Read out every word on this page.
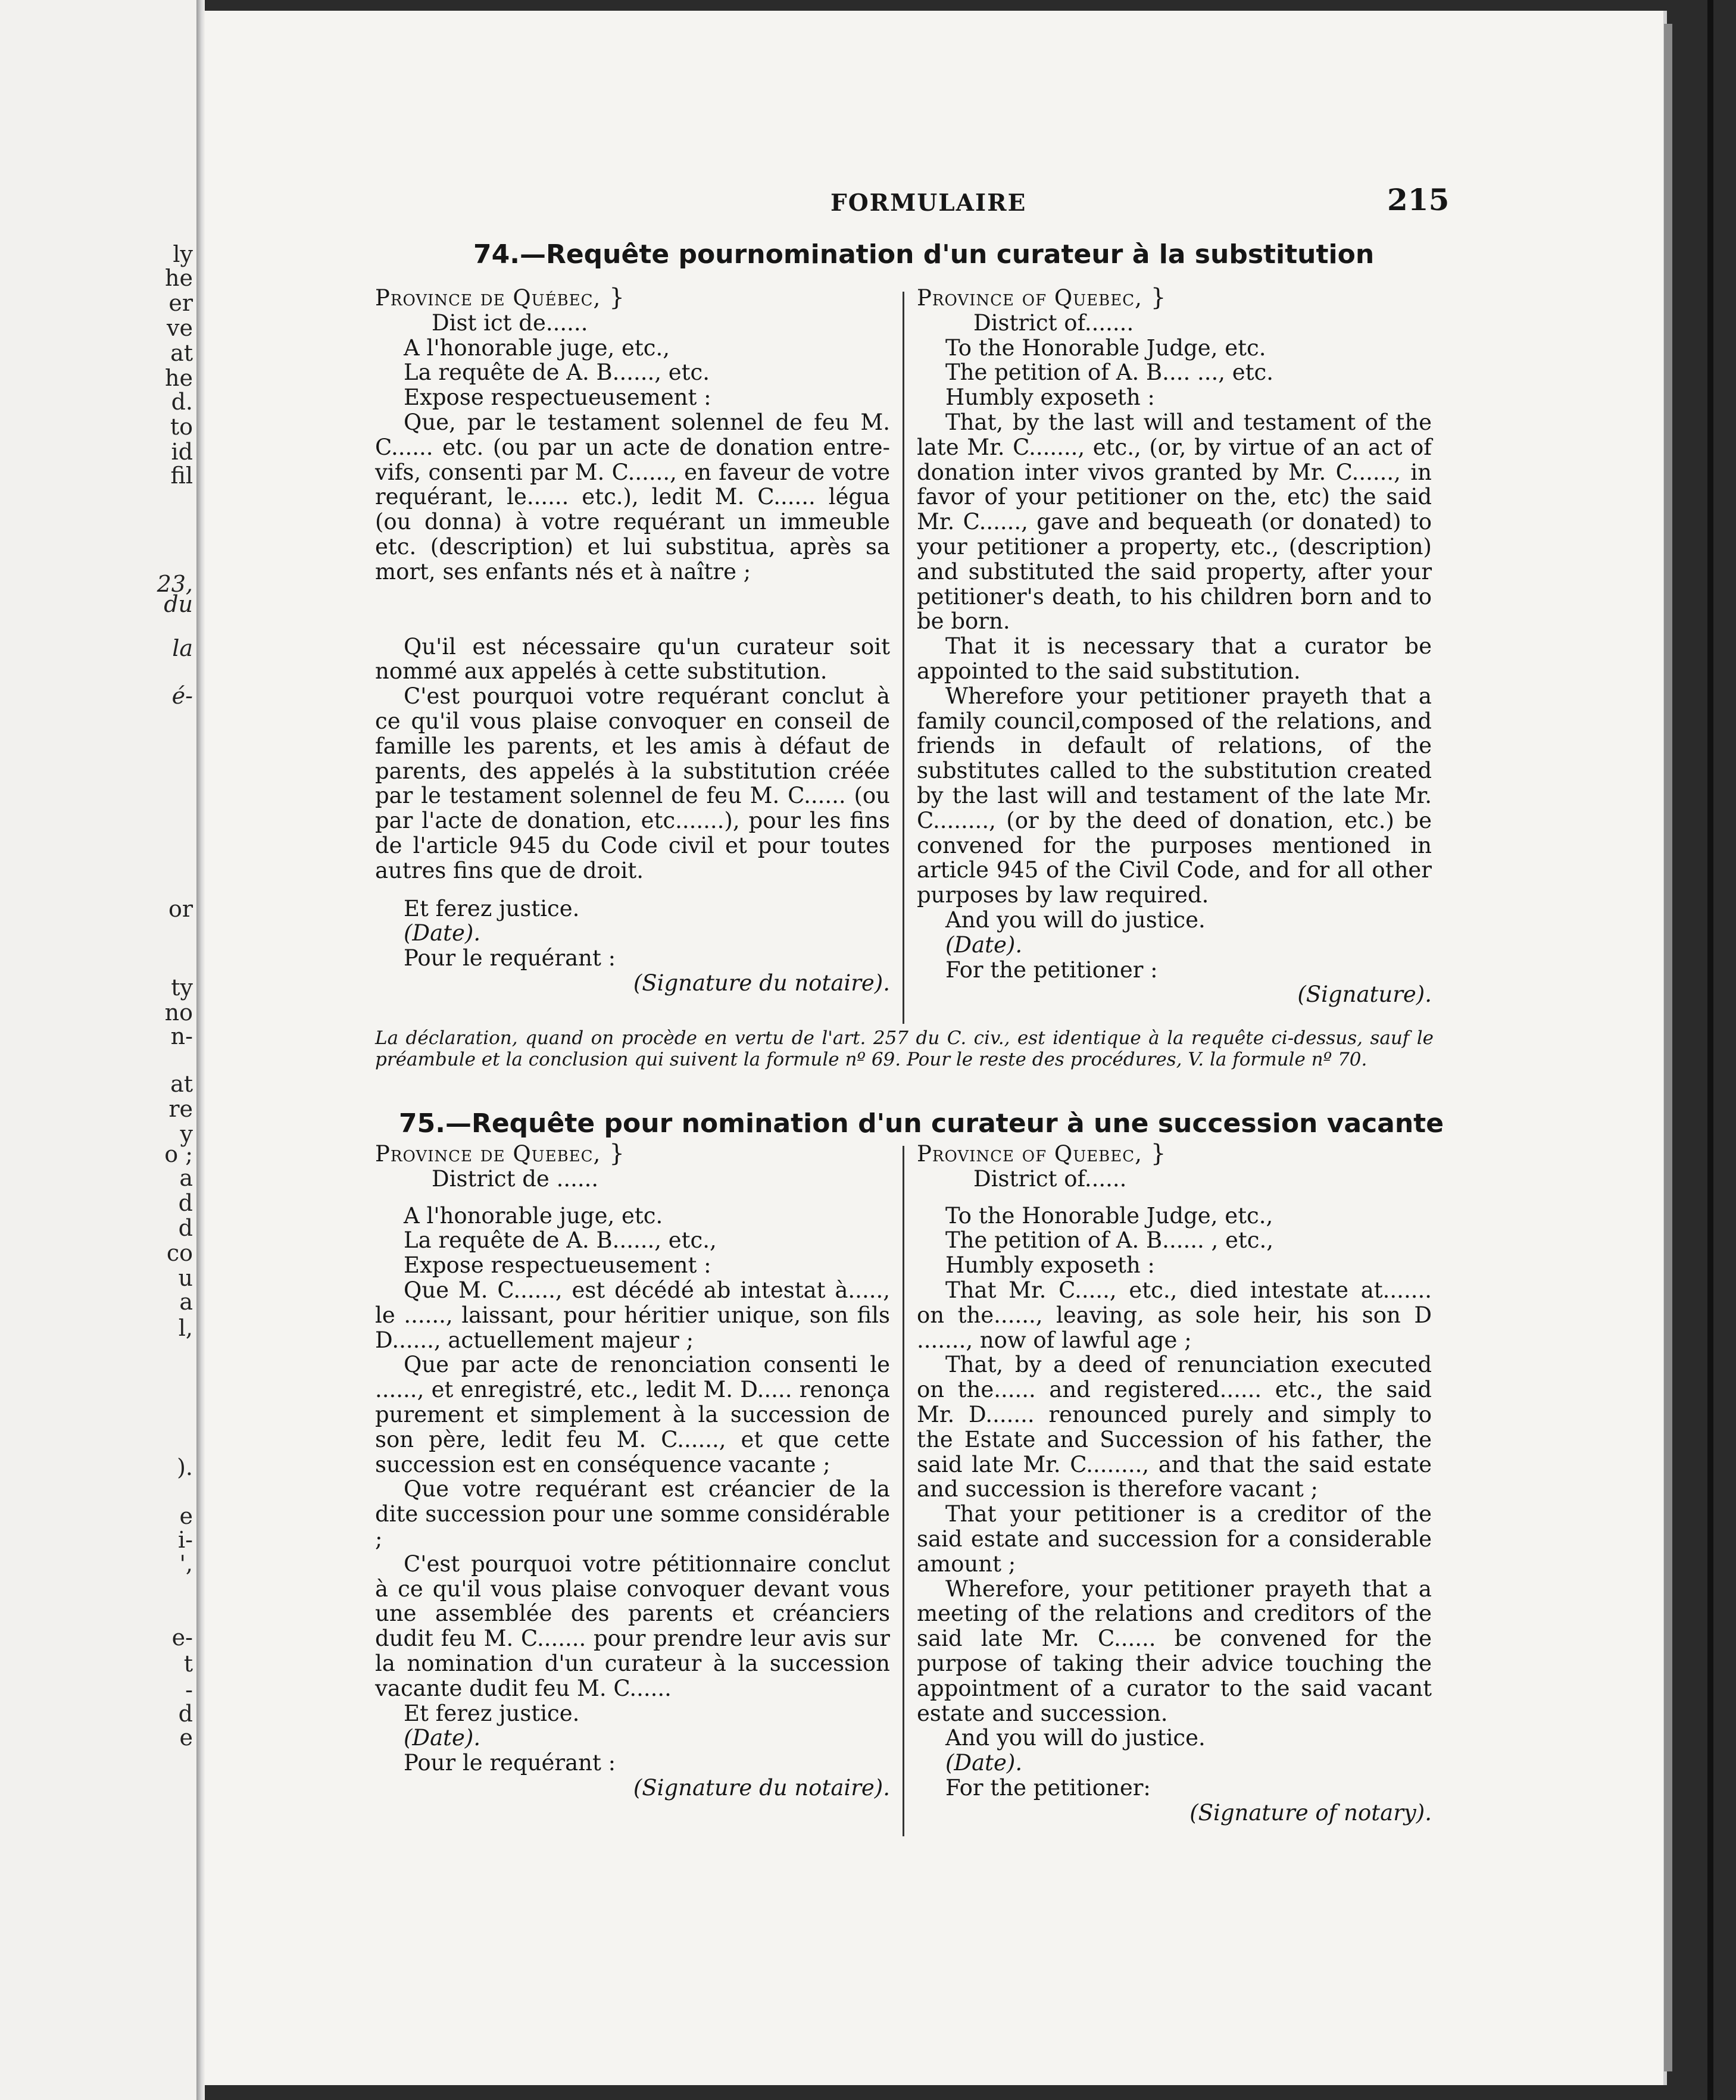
ly
he
er
ve
at
he
d.
to
id
fil
23,
du
la
é-
or
ty
no
n-
at
re
y
o ;
a
d
d
co
u
a
l,
).
e
i-
',
e-
t
-
d
e
FORMULAIRE	215
74.—Requête pournomination d'un curateur à la substitution

Province de Québec, }

Dist ict de......

A l'honorable juge, etc.,

La requête de A. B......, etc.

Expose respectueusement :

Que, par le testament solennel de feu M. C...... etc. (ou par un acte de donation entre-vifs, consenti par M. C......, en faveur de votre requérant, le...... etc.), ledit M. C...... légua (ou donna) à votre requérant un immeuble etc. (description) et lui substitua, après sa mort, ses enfants nés et à naître ;

Qu'il est nécessaire qu'un curateur soit nommé aux appelés à cette substitution.

C'est pourquoi votre requérant conclut à ce qu'il vous plaise convoquer en conseil de famille les parents, et les amis à défaut de parents, des appelés à la substitution créée par le testament solennel de feu M. C...... (ou par l'acte de donation, etc.......), pour les fins de l'article 945 du Code civil et pour toutes autres fins que de droit.

Et ferez justice.

(Date).

Pour le requérant :

(Signature du notaire).

Province of Quebec, }

District of.......

To the Honorable Judge, etc.

The petition of A. B.... ..., etc.

Humbly exposeth :

That, by the last will and testament of the late Mr. C......., etc., (or, by virtue of an act of donation inter vivos granted by Mr. C......, in favor of your petitioner on the, etc) the said Mr. C......, gave and bequeath (or donated) to your petitioner a property, etc., (description) and substituted the said property, after your petitioner's death, to his children born and to be born.

That it is necessary that a curator be appointed to the said substitution.

Wherefore your petitioner prayeth that a family council,composed of the relations, and friends in default of relations, of the substitutes called to the substitution created by the last will and testament of the late Mr. C........, (or by the deed of donation, etc.) be convened for the purposes mentioned in article 945 of the Civil Code, and for all other purposes by law required.

And you will do justice.

(Date).

For the petitioner :

(Signature).

La déclaration, quand on procède en vertu de l'art. 257 du C. civ., est identique à la requête ci-dessus, sauf le préambule et la conclusion qui suivent la formule nº 69. Pour le reste des procédures, V. la formule nº 70.
75.—Requête pour nomination d'un curateur à une succession vacante

Province de Quebec, }

District de ......

A l'honorable juge, etc.

La requête de A. B......, etc.,

Expose respectueusement :

Que M. C......, est décédé ab intestat à....., le ......, laissant, pour héritier unique, son fils D......, actuellement majeur ;

Que par acte de renonciation consenti le ......, et enregistré, etc., ledit M. D..... renonça purement et simplement à la succession de son père, ledit feu M. C......, et que cette succession est en conséquence vacante ;

Que votre requérant est créancier de la dite succession pour une somme considérable ;

C'est pourquoi votre pétitionnaire conclut à ce qu'il vous plaise convoquer devant vous une assemblée des parents et créanciers dudit feu M. C....... pour prendre leur avis sur la nomination d'un curateur à la succession vacante dudit feu M. C......

Et ferez justice.

(Date).

Pour le requérant :

(Signature du notaire).

Province of Quebec, }

District of......

To the Honorable Judge, etc.,

The petition of A. B...... , etc.,

Humbly exposeth :

That Mr. C....., etc., died intestate at....... on the......, leaving, as sole heir, his son D ......., now of lawful age ;

That, by a deed of renunciation executed on the...... and registered...... etc., the said Mr. D....... renounced purely and simply to the Estate and Succession of his father, the said late Mr. C........, and that the said estate and succession is therefore vacant ;

That your petitioner is a creditor of the said estate and succession for a considerable amount ;

Wherefore, your petitioner prayeth that a meeting of the relations and creditors of the said late Mr. C...... be convened for the purpose of taking their advice touching the appointment of a curator to the said vacant estate and succession.

And you will do justice.

(Date).

For the petitioner:

(Signature of notary).
